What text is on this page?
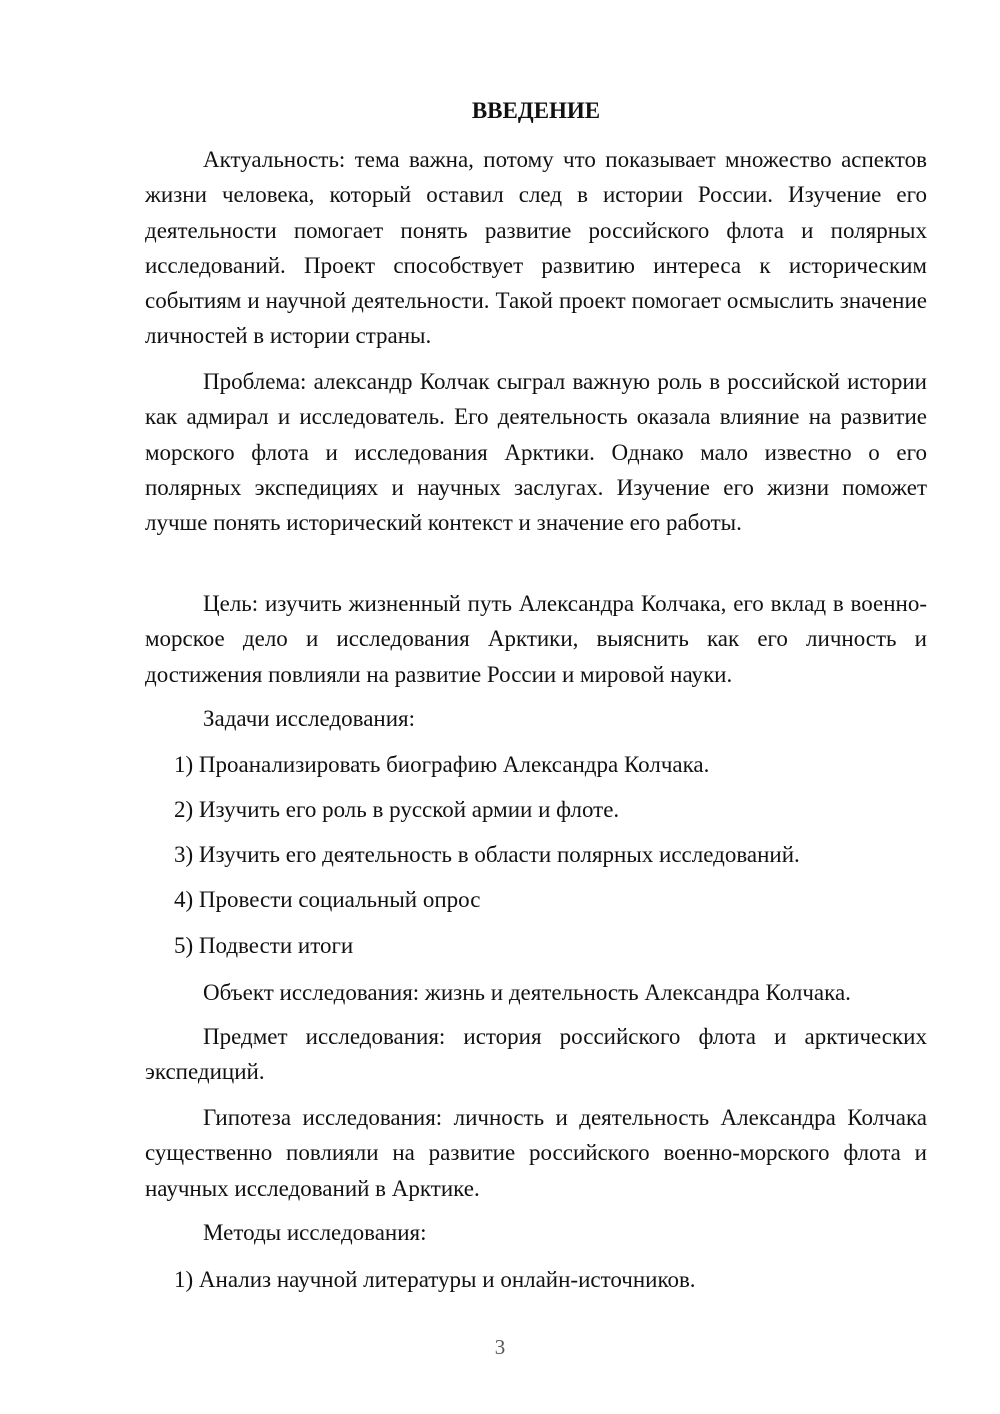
ВВЕДЕНИЕ

Актуальность: тема важна, потому что показывает множество аспектов жизни человека, который оставил след в истории России. Изучение его деятельности помогает понять развитие российского флота и полярных исследований. Проект способствует развитию интереса к историческим событиям и научной деятельности. Такой проект помогает осмыслить значение личностей в истории страны.

Проблема: александр Колчак сыграл важную роль в российской истории как адмирал и исследователь. Его деятельность оказала влияние на развитие морского флота и исследования Арктики. Однако мало известно о его полярных экспедициях и научных заслугах. Изучение его жизни поможет лучше понять исторический контекст и значение его работы.

Цель: изучить жизненный путь Александра Колчака, его вклад в военно-морское дело и исследования Арктики, выяснить как его личность и достижения повлияли на развитие России и мировой науки.

Задачи исследования:

1) Проанализировать биографию Александра Колчака.

2) Изучить его роль в русской армии и флоте.

3) Изучить его деятельность в области полярных исследований.

4) Провести социальный опрос

5) Подвести итоги

Объект исследования: жизнь и деятельность Александра Колчака.

Предмет исследования: история российского флота и арктических экспедиций.

Гипотеза исследования: личность и деятельность Александра Колчака существенно повлияли на развитие российского военно-морского флота и научных исследований в Арктике.

Методы исследования:

1) Анализ научной литературы и онлайн-источников.

3
